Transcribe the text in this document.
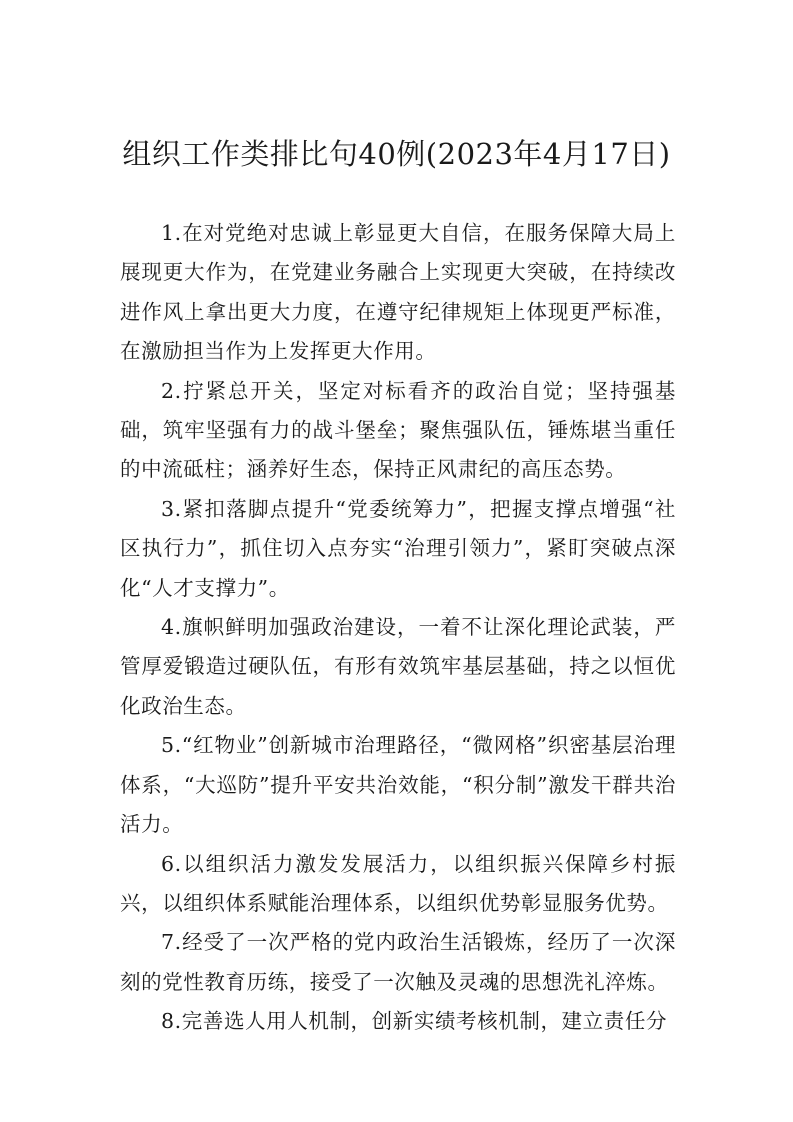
组织工作类排比句40例(2023年4月17日)

1.在对党绝对忠诚上彰显更大自信，在服务保障大局上展现更大作为，在党建业务融合上实现更大突破，在持续改进作风上拿出更大力度，在遵守纪律规矩上体现更严标准，在激励担当作为上发挥更大作用。

2.拧紧总开关，坚定对标看齐的政治自觉；坚持强基础，筑牢坚强有力的战斗堡垒；聚焦强队伍，锤炼堪当重任的中流砥柱；涵养好生态，保持正风肃纪的高压态势。

3.紧扣落脚点提升“党委统筹力”，把握支撑点增强“社区执行力”，抓住切入点夯实“治理引领力”，紧盯突破点深化“人才支撑力”。

4.旗帜鲜明加强政治建设，一着不让深化理论武装，严管厚爱锻造过硬队伍，有形有效筑牢基层基础，持之以恒优化政治生态。

5.“红物业”创新城市治理路径，“微网格”织密基层治理体系，“大巡防”提升平安共治效能，“积分制”激发干群共治活力。

6.以组织活力激发发展活力，以组织振兴保障乡村振兴，以组织体系赋能治理体系，以组织优势彰显服务优势。

7.经受了一次严格的党内政治生活锻炼，经历了一次深刻的党性教育历练，接受了一次触及灵魂的思想洗礼淬炼。

8.完善选人用人机制，创新实绩考核机制，建立责任分
